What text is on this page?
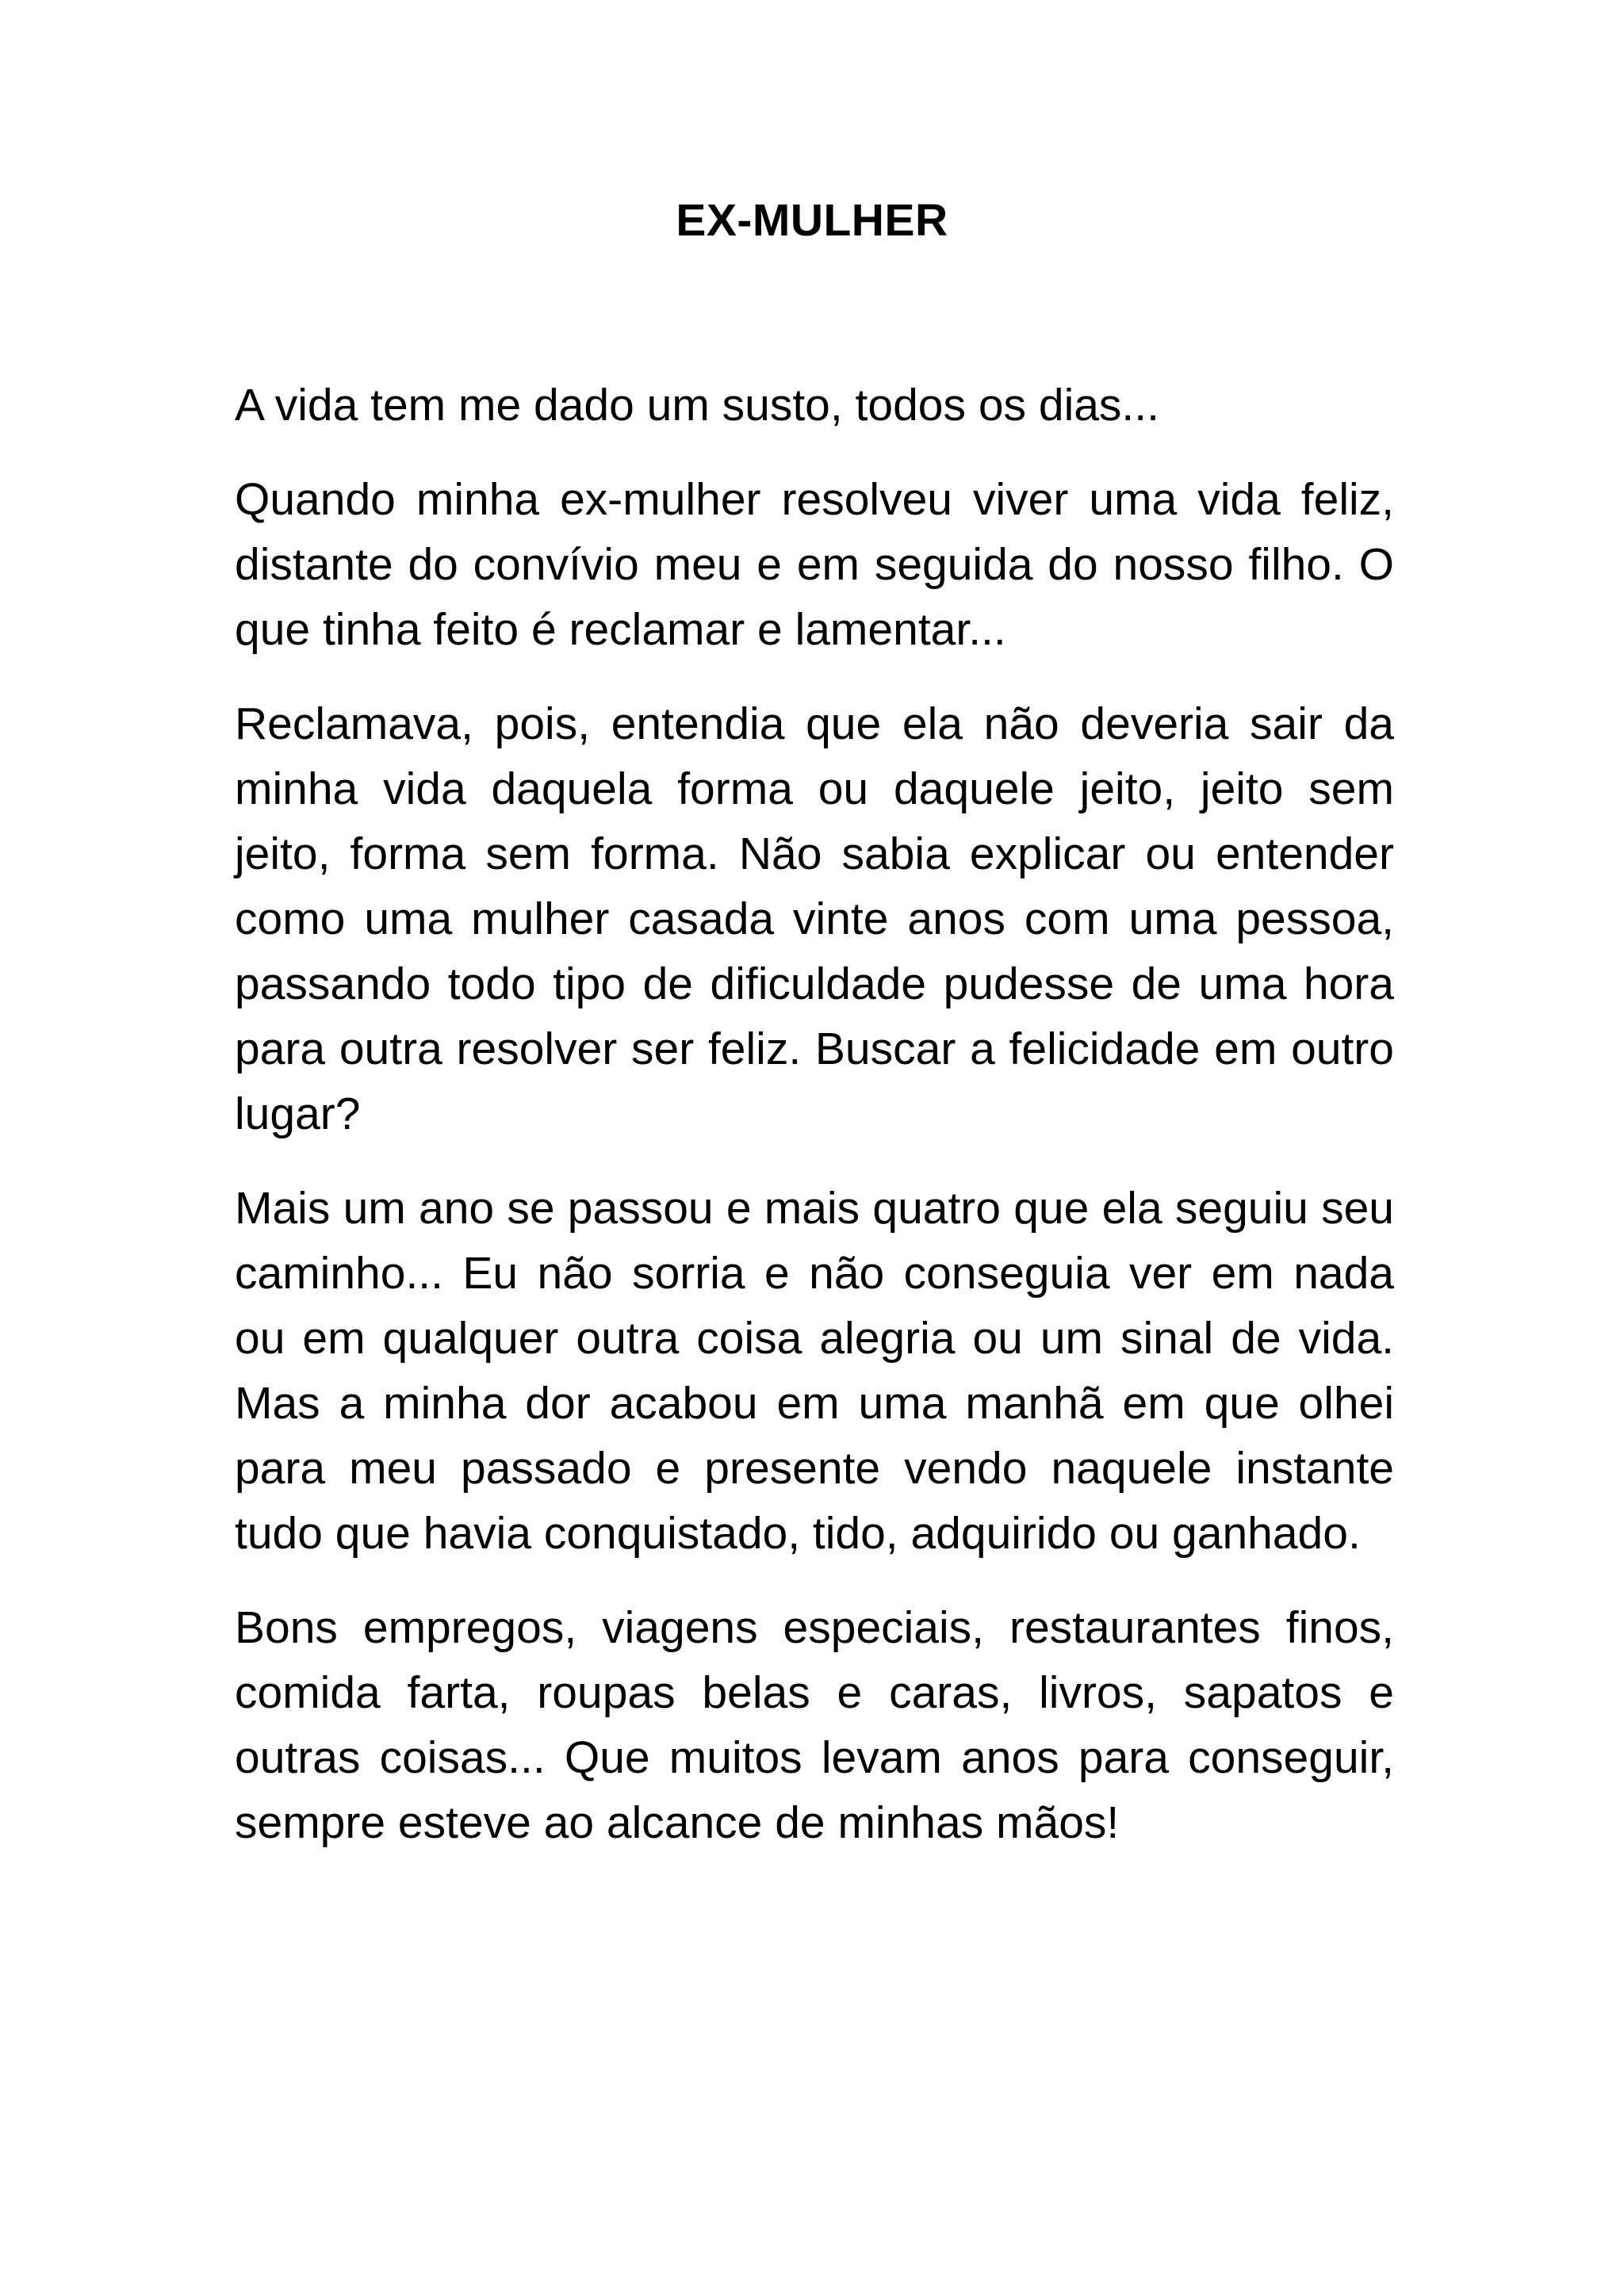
EX-MULHER

A vida tem me dado um susto, todos os dias...

Quando minha ex-mulher resolveu viver uma vida feliz, distante do convívio meu e em seguida do nosso filho. O que tinha feito é reclamar e lamentar...

Reclamava, pois, entendia que ela não deveria sair da minha vida daquela forma ou daquele jeito, jeito sem jeito, forma sem forma. Não sabia explicar ou entender como uma mulher casada vinte anos com uma pessoa, passando todo tipo de dificuldade pudesse de uma hora para outra resolver ser feliz. Buscar a felicidade em outro lugar?

Mais um ano se passou e mais quatro que ela seguiu seu caminho... Eu não sorria e não conseguia ver em nada ou em qualquer outra coisa alegria ou um sinal de vida. Mas a minha dor acabou em uma manhã em que olhei para meu passado e presente vendo naquele instante tudo que havia conquistado, tido, adquirido ou ganhado.

Bons empregos, viagens especiais, restaurantes finos, comida farta, roupas belas e caras, livros, sapatos e outras coisas... Que muitos levam anos para conseguir, sempre esteve ao alcance de minhas mãos!
